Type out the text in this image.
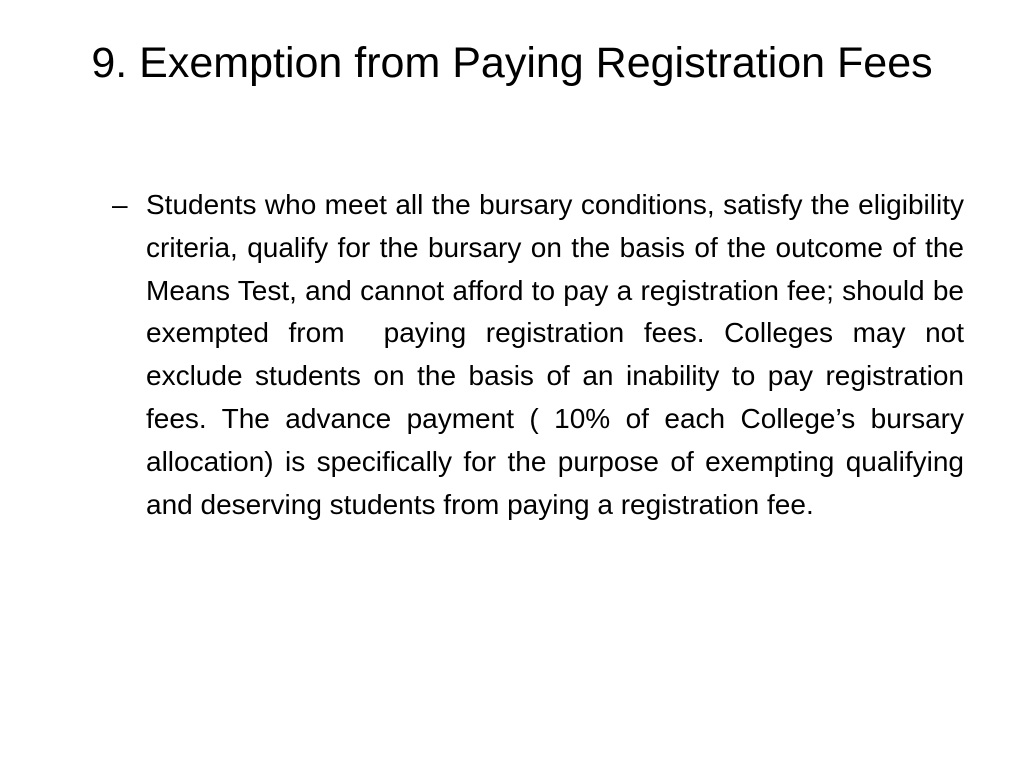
9. Exemption from Paying Registration Fees
– Students who meet all the bursary conditions, satisfy the eligibility criteria, qualify for the bursary on the basis of the outcome of the Means Test, and cannot afford to pay a registration fee; should be exempted from  paying registration fees. Colleges may not exclude students on the basis of an inability to pay registration fees. The advance payment ( 10% of each College’s bursary allocation) is specifically for the purpose of exempting qualifying and deserving students from paying a registration fee.
